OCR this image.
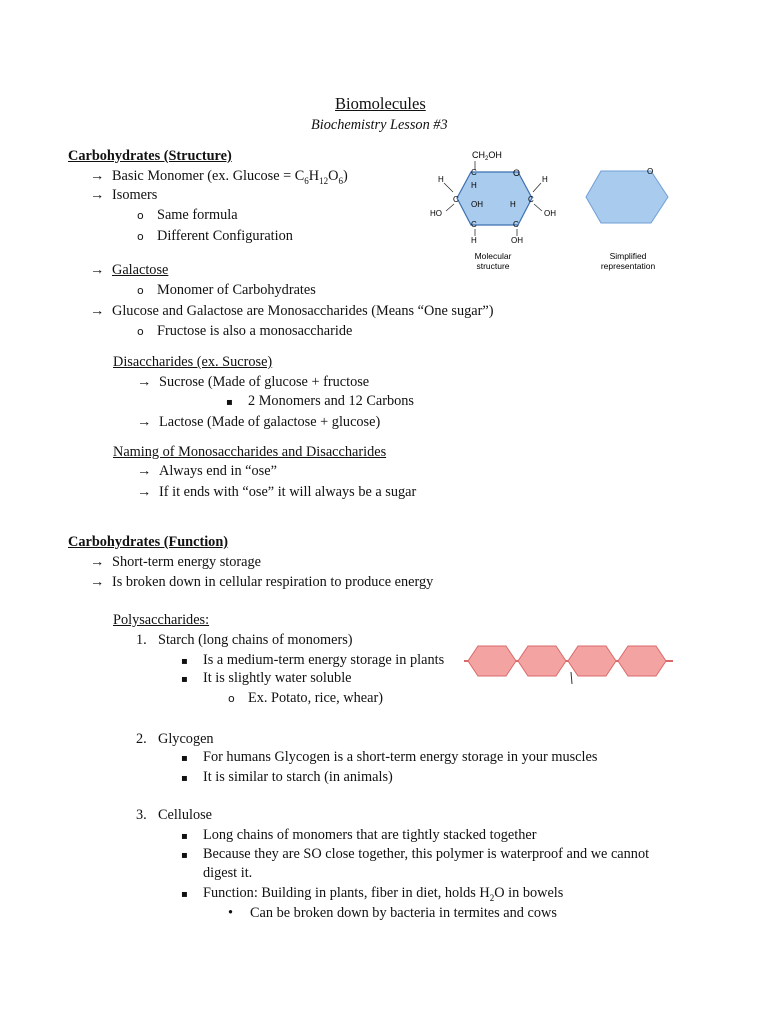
Biomolecules
Biochemistry Lesson #3
Carbohydrates (Structure)
→ Basic Monomer (ex. $Glucose = C_6H_{12}O_6$)
→ Isomers
o Same formula
o Different Configuration
→ Galactose
o Monomer of Carbohydrates
→ Glucose and Galactose are Monosaccharides (Means “One sugar”)
o Fructose is also a monosaccharide
Disaccharides (ex. Sucrose)
→ Sucrose (Made of glucose + fructose
▪ 2 Monomers and 12 Carbons
→ Lactose (Made of galactose + glucose)
Naming of Monosaccharides and Disaccharides
→ Always end in “ose”
→ If it ends with “ose” it will always be a sugar
Carbohydrates (Function)
→ Short-term energy storage
→ Is broken down in cellular respiration to produce energy
Polysaccharides:
1. Starch (long chains of monomers)
▪ Is a medium-term energy storage in plants
▪ It is slightly water soluble
o Ex. Potato, rice, whear)
2. Glycogen
▪ For humans Glycogen is a short-term energy storage in your muscles
▪ It is similar to starch (in animals)
3. Cellulose
▪ Long chains of monomers that are tightly stacked together
▪ Because they are SO close together, this polymer is waterproof and we cannot
digest it.
▪ Function: Building in plants, fiber in diet, holds $H_2O$ in bowels
• Can be broken down by bacteria in termites and cows
$CH_2OH$
C	O
H
C	C
OH	H
C	C
H	H
HO	OH
H	OH
Molecular
structure
O
Simplified
representation
